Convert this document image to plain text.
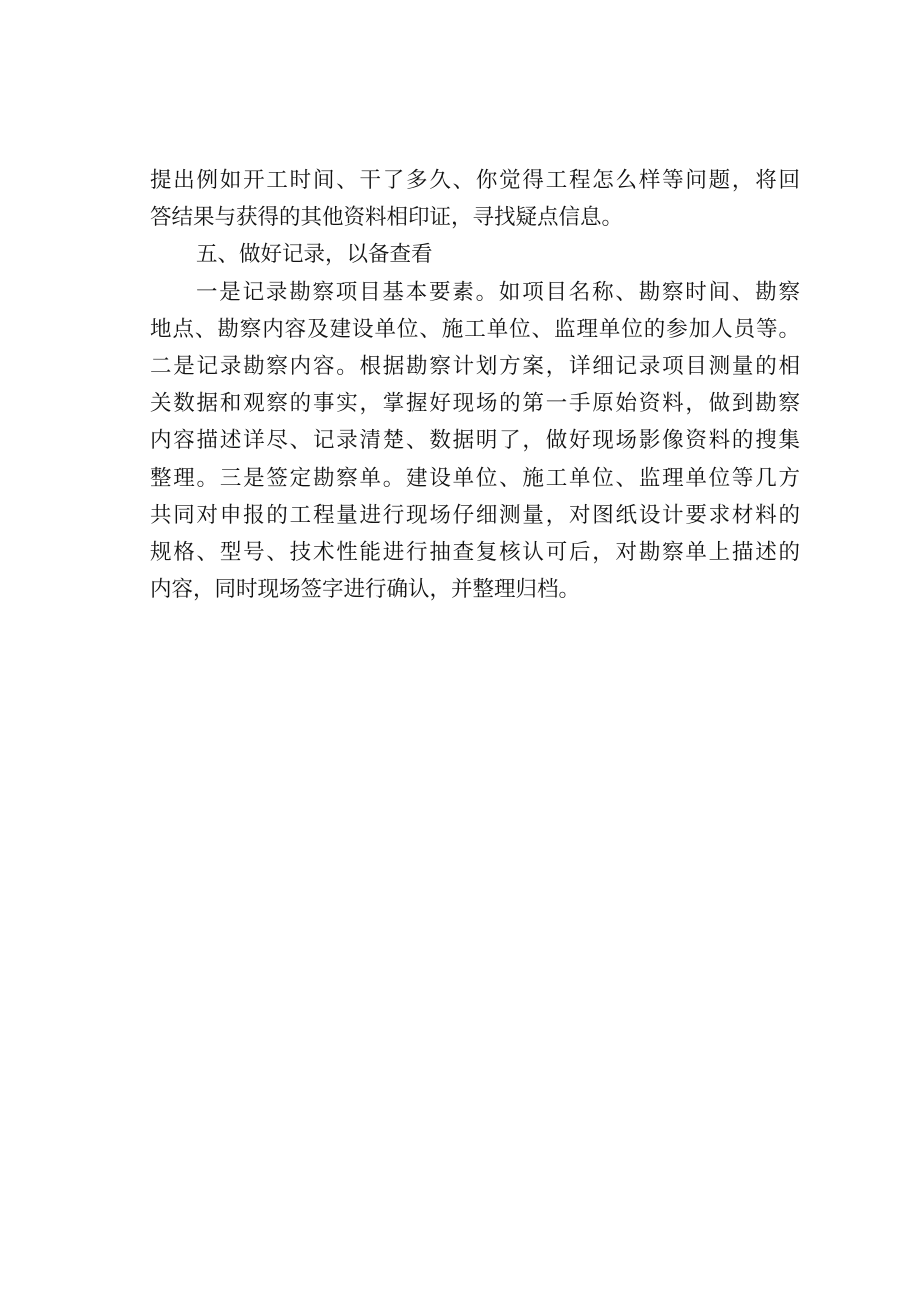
提出例如开工时间、干了多久、你觉得工程怎么样等问题，将回
答结果与获得的其他资料相印证，寻找疑点信息。
五、做好记录，以备查看
一是记录勘察项目基本要素。如项目名称、勘察时间、勘察
地点、勘察内容及建设单位、施工单位、监理单位的参加人员等。
二是记录勘察内容。根据勘察计划方案，详细记录项目测量的相
关数据和观察的事实，掌握好现场的第一手原始资料，做到勘察
内容描述详尽、记录清楚、数据明了，做好现场影像资料的搜集
整理。三是签定勘察单。建设单位、施工单位、监理单位等几方
共同对申报的工程量进行现场仔细测量，对图纸设计要求材料的
规格、型号、技术性能进行抽查复核认可后，对勘察单上描述的
内容，同时现场签字进行确认，并整理归档。
